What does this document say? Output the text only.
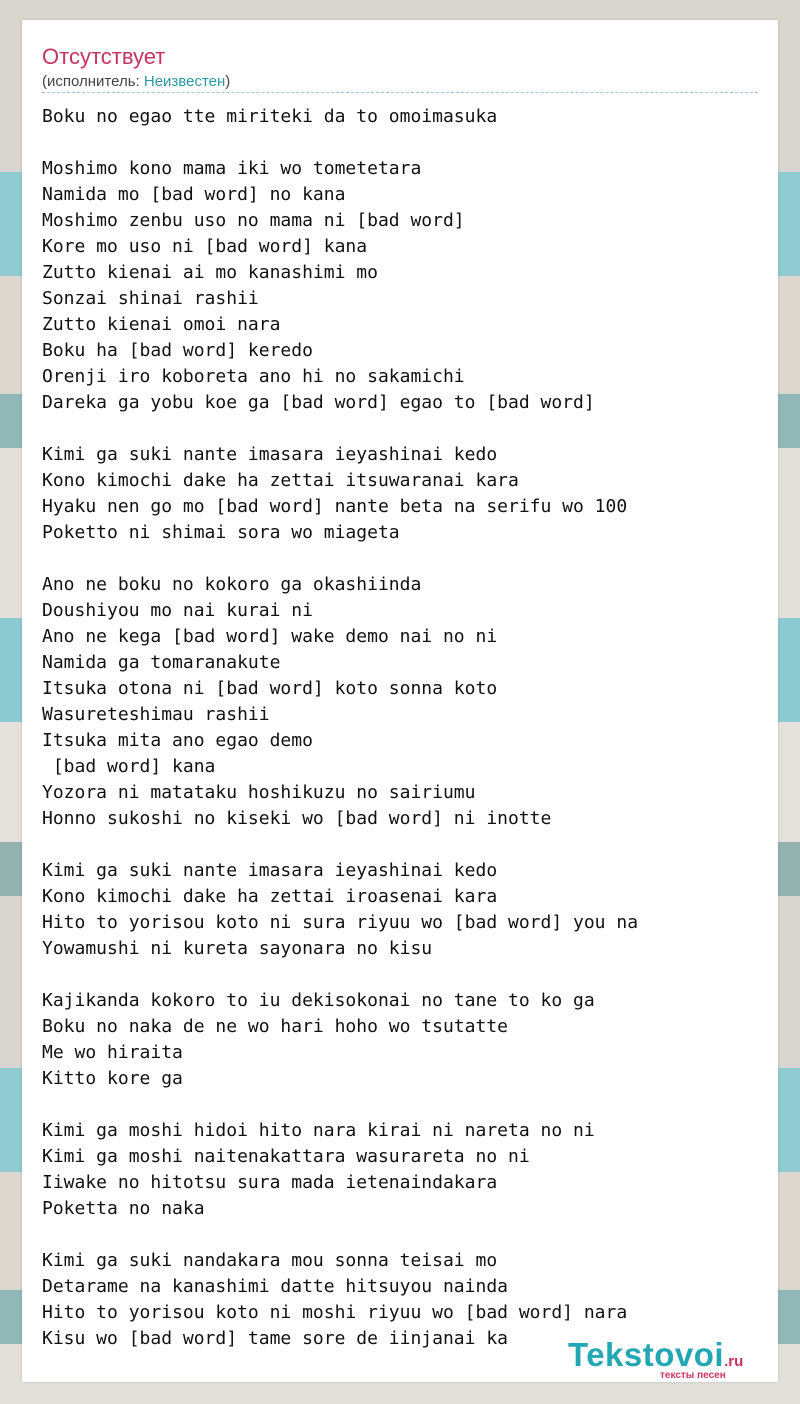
Отсутствует
(исполнитель: Неизвестен)
Boku no egao tte miriteki da to omoimasuka

Moshimo kono mama iki wo tometetara
Namida mo [bad word] no kana
Moshimo zenbu uso no mama ni [bad word]
Kore mo uso ni [bad word] kana
Zutto kienai ai mo kanashimi mo
Sonzai shinai rashii
Zutto kienai omoi nara
Boku ha [bad word] keredo
Orenji iro koboreta ano hi no sakamichi
Dareka ga yobu koe ga [bad word] egao to [bad word]

Kimi ga suki nante imasara ieyashinai kedo
Kono kimochi dake ha zettai itsuwaranai kara
Hyaku nen go mo [bad word] nante beta na serifu wo 100
Poketto ni shimai sora wo miageta

Ano ne boku no kokoro ga okashiinda
Doushiyou mo nai kurai ni
Ano ne kega [bad word] wake demo nai no ni
Namida ga tomaranakute
Itsuka otona ni [bad word] koto sonna koto
Wasureteshimau rashii
Itsuka mita ano egao demo
[bad word] kana
Yozora ni matataku hoshikuzu no sairiumu
Honno sukoshi no kiseki wo [bad word] ni inotte

Kimi ga suki nante imasara ieyashinai kedo
Kono kimochi dake ha zettai iroasenai kara
Hito to yorisou koto ni sura riyuu wo [bad word] you na
Yowamushi ni kureta sayonara no kisu

Kajikanda kokoro to iu dekisokonai no tane to ko ga
Boku no naka de ne wo hari hoho wo tsutatte
Me wo hiraita
Kitto kore ga

Kimi ga moshi hidoi hito nara kirai ni nareta no ni
Kimi ga moshi naitenakattara wasurareta no ni
Iiwake no hitotsu sura mada ietenaindakara
Poketta no naka

Kimi ga suki nandakara mou sonna teisai mo
Detarame na kanashimi datte hitsuyou nainda
Hito to yorisou koto ni moshi riyuu wo [bad word] nara
Kisu wo [bad word] tame sore de iinjanai ka	Tekstovoi.ru
тексты песен
